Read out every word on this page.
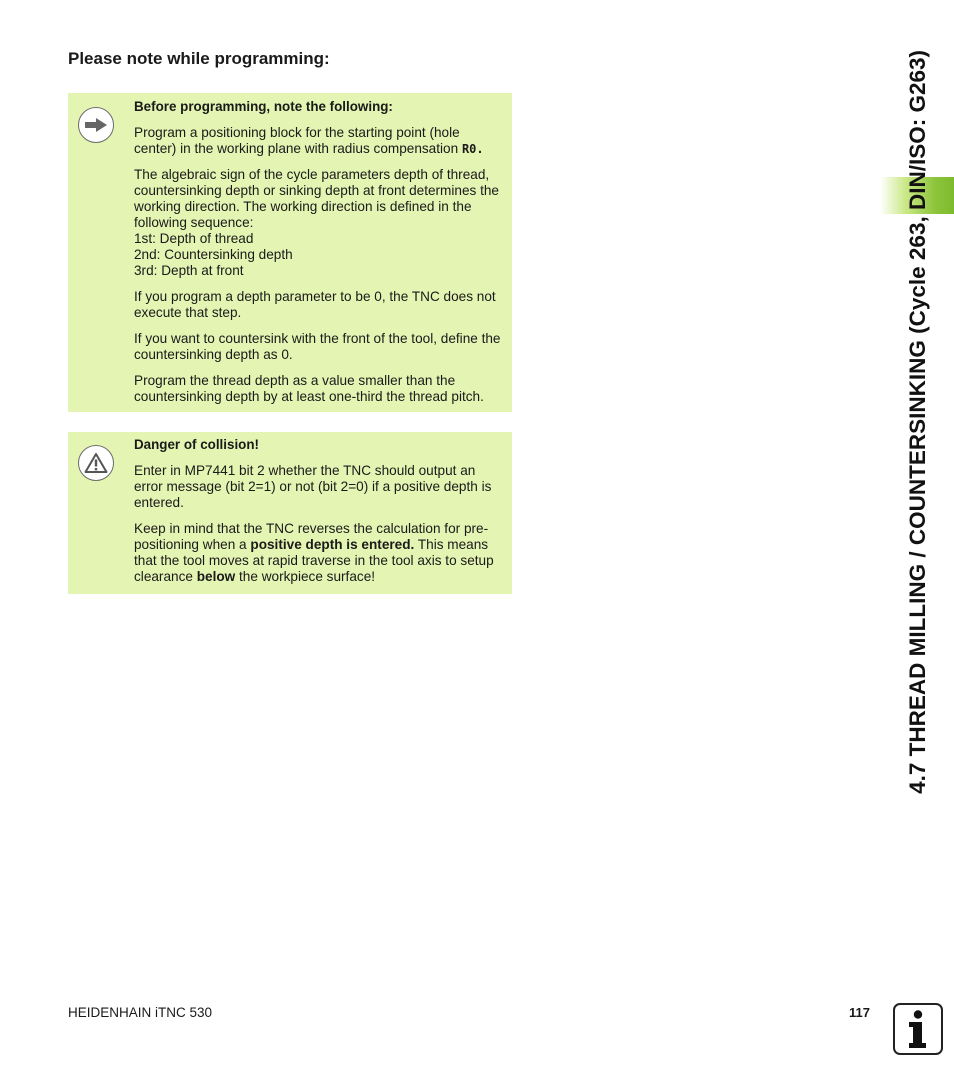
Please note while programming:
Before programming, note the following:

Program a positioning block for the starting point (hole center) in the working plane with radius compensation R0.

The algebraic sign of the cycle parameters depth of thread, countersinking depth or sinking depth at front determines the working direction. The working direction is defined in the following sequence:
1st: Depth of thread
2nd: Countersinking depth
3rd: Depth at front

If you program a depth parameter to be 0, the TNC does not execute that step.

If you want to countersink with the front of the tool, define the countersinking depth as 0.

Program the thread depth as a value smaller than the countersinking depth by at least one-third the thread pitch.

Danger of collision!

Enter in MP7441 bit 2 whether the TNC should output an error message (bit 2=1) or not (bit 2=0) if a positive depth is entered.

Keep in mind that the TNC reverses the calculation for pre-positioning when a positive depth is entered. This means that the tool moves at rapid traverse in the tool axis to setup clearance below the workpiece surface!	4.7 THREAD MILLING / COUNTERSINKING (Cycle 263, DIN/ISO: G263)

HEIDENHAIN iTNC 530	117
